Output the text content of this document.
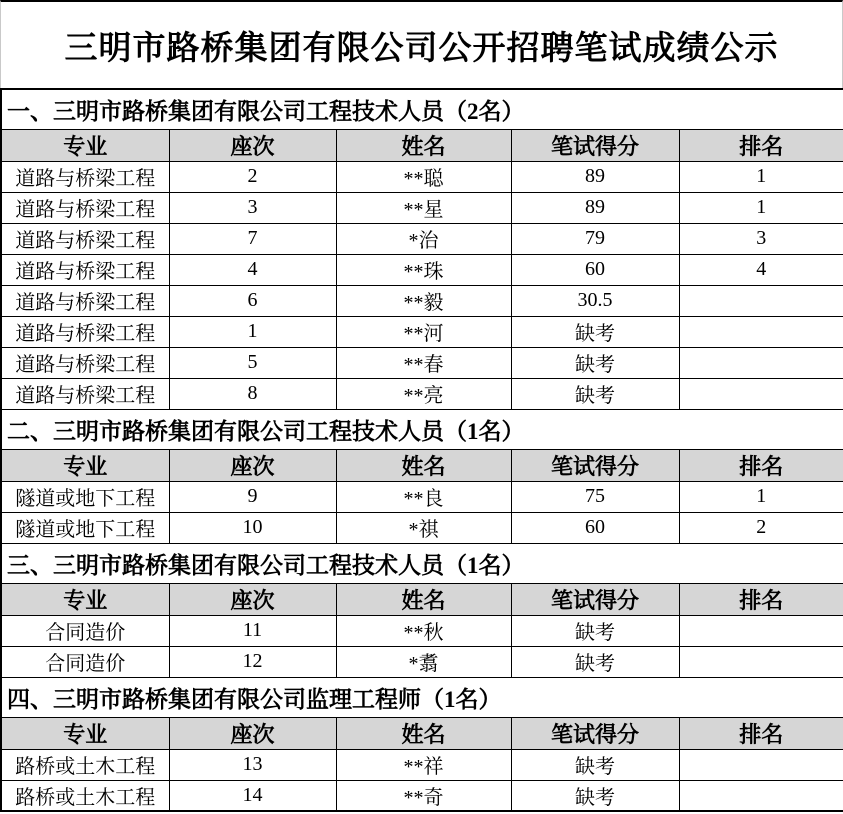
三明市路桥集团有限公司公开招聘笔试成绩公示
一、三明市路桥集团有限公司工程技术人员（2名）				
专业	座次	姓名	笔试得分	排名
道路与桥梁工程	2	**聪	89	1
道路与桥梁工程	3	**星	89	1
道路与桥梁工程	7	*治	79	3
道路与桥梁工程	4	**珠	60	4
道路与桥梁工程	6	**毅	30.5	
道路与桥梁工程	1	**河	缺考	
道路与桥梁工程	5	**春	缺考	
道路与桥梁工程	8	**亮	缺考	
二、三明市路桥集团有限公司工程技术人员（1名）				
专业	座次	姓名	笔试得分	排名
隧道或地下工程	9	**良	75	1
隧道或地下工程	10	*祺	60	2
三、三明市路桥集团有限公司工程技术人员（1名）				
专业	座次	姓名	笔试得分	排名
合同造价	11	**秋	缺考	
合同造价	12	*翥	缺考	
四、三明市路桥集团有限公司监理工程师（1名）				
专业	座次	姓名	笔试得分	排名
路桥或土木工程	13	**祥	缺考	
路桥或土木工程	14	**奇	缺考	
